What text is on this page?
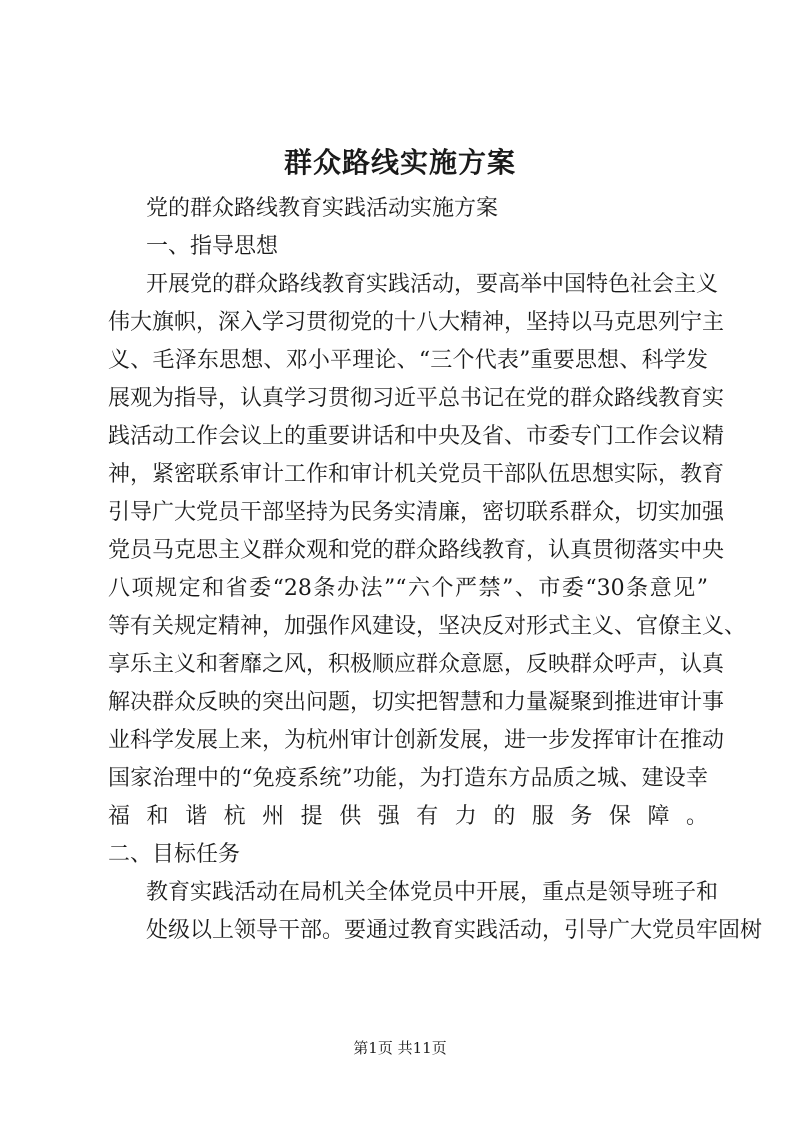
群众路线实施方案
党的群众路线教育实践活动实施方案
一、指导思想
开展党的群众路线教育实践活动，要高举中国特色社会主义
伟大旗帜，深入学习贯彻党的十八大精神，坚持以马克思列宁主
义、毛泽东思想、邓小平理论、“三个代表”重要思想、科学发
展观为指导，认真学习贯彻习近平总书记在党的群众路线教育实
践活动工作会议上的重要讲话和中央及省、市委专门工作会议精
神，紧密联系审计工作和审计机关党员干部队伍思想实际，教育
引导广大党员干部坚持为民务实清廉，密切联系群众，切实加强
党员马克思主义群众观和党的群众路线教育，认真贯彻落实中央
八项规定和省委“28条办法”“六个严禁”、市委“30条意见”
等有关规定精神，加强作风建设，坚决反对形式主义、官僚主义、
享乐主义和奢靡之风，积极顺应群众意愿，反映群众呼声，认真
解决群众反映的突出问题，切实把智慧和力量凝聚到推进审计事
业科学发展上来，为杭州审计创新发展，进一步发挥审计在推动
国家治理中的“免疫系统”功能，为打造东方品质之城、建设幸
福和谐杭州提供强有力的服务保障。
二、目标任务
教育实践活动在局机关全体党员中开展，重点是领导班子和
处级以上领导干部。要通过教育实践活动，引导广大党员牢固树
第1页 共11页
